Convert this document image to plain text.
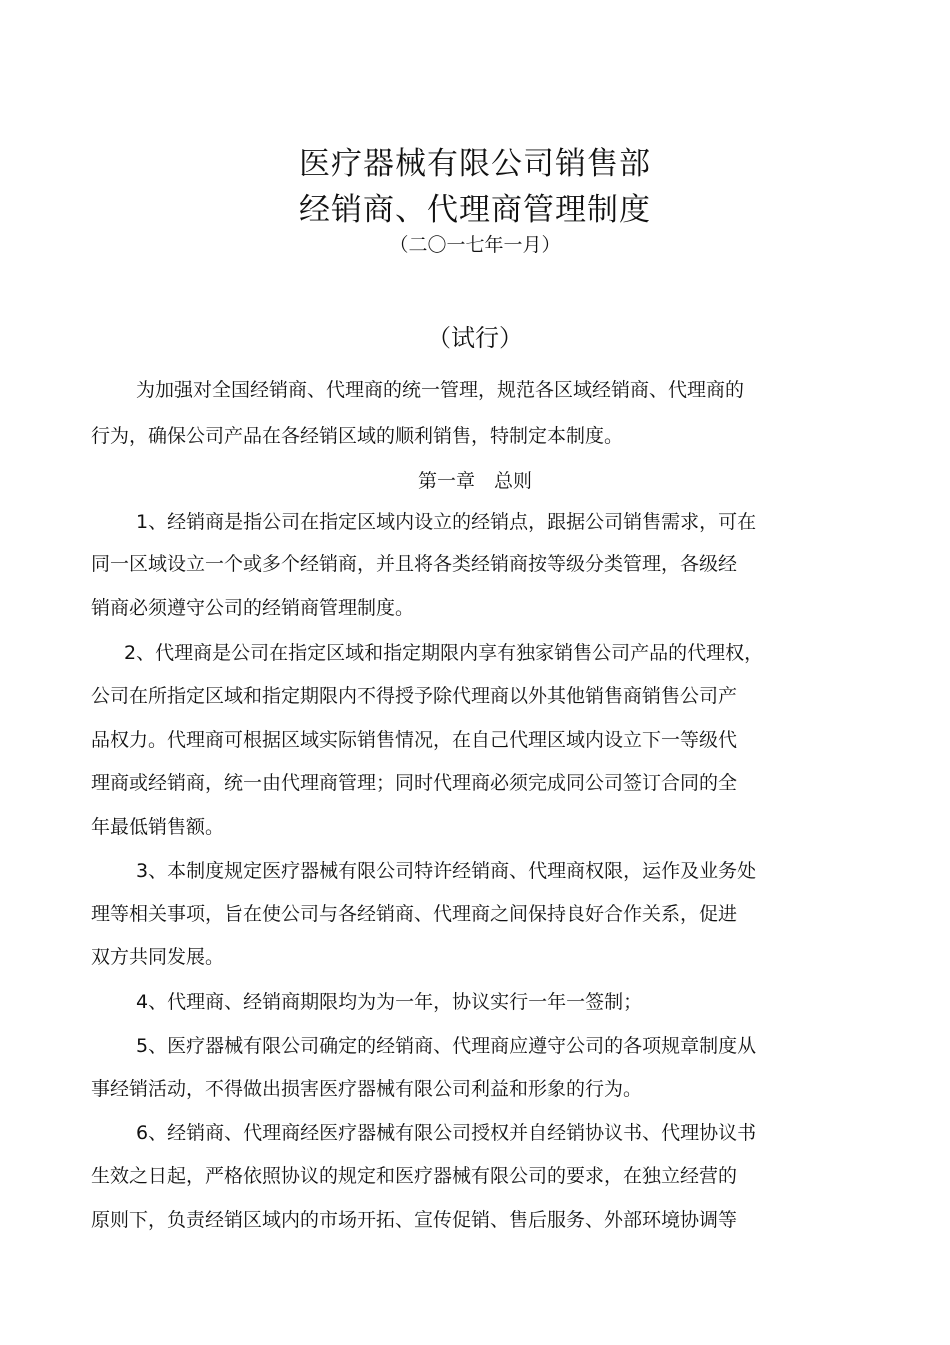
医疗器械有限公司销售部
经销商、代理商管理制度
（二〇一七年一月）
（试行）
为加强对全国经销商、代理商的统一管理，规范各区域经销商、代理商的
行为，确保公司产品在各经销区域的顺利销售，特制定本制度。
第一章　总则
1、经销商是指公司在指定区域内设立的经销点，跟据公司销售需求，可在
同一区域设立一个或多个经销商，并且将各类经销商按等级分类管理，各级经
销商必须遵守公司的经销商管理制度。
2、代理商是公司在指定区域和指定期限内享有独家销售公司产品的代理权，
公司在所指定区域和指定期限内不得授予除代理商以外其他销售商销售公司产
品权力。代理商可根据区域实际销售情况，在自己代理区域内设立下一等级代
理商或经销商，统一由代理商管理；同时代理商必须完成同公司签订合同的全
年最低销售额。
3、本制度规定医疗器械有限公司特许经销商、代理商权限，运作及业务处
理等相关事项，旨在使公司与各经销商、代理商之间保持良好合作关系，促进
双方共同发展。
4、代理商、经销商期限均为为一年，协议实行一年一签制；
5、医疗器械有限公司确定的经销商、代理商应遵守公司的各项规章制度从
事经销活动，不得做出损害医疗器械有限公司利益和形象的行为。
6、经销商、代理商经医疗器械有限公司授权并自经销协议书、代理协议书
生效之日起，严格依照协议的规定和医疗器械有限公司的要求，在独立经营的
原则下，负责经销区域内的市场开拓、宣传促销、售后服务、外部环境协调等
